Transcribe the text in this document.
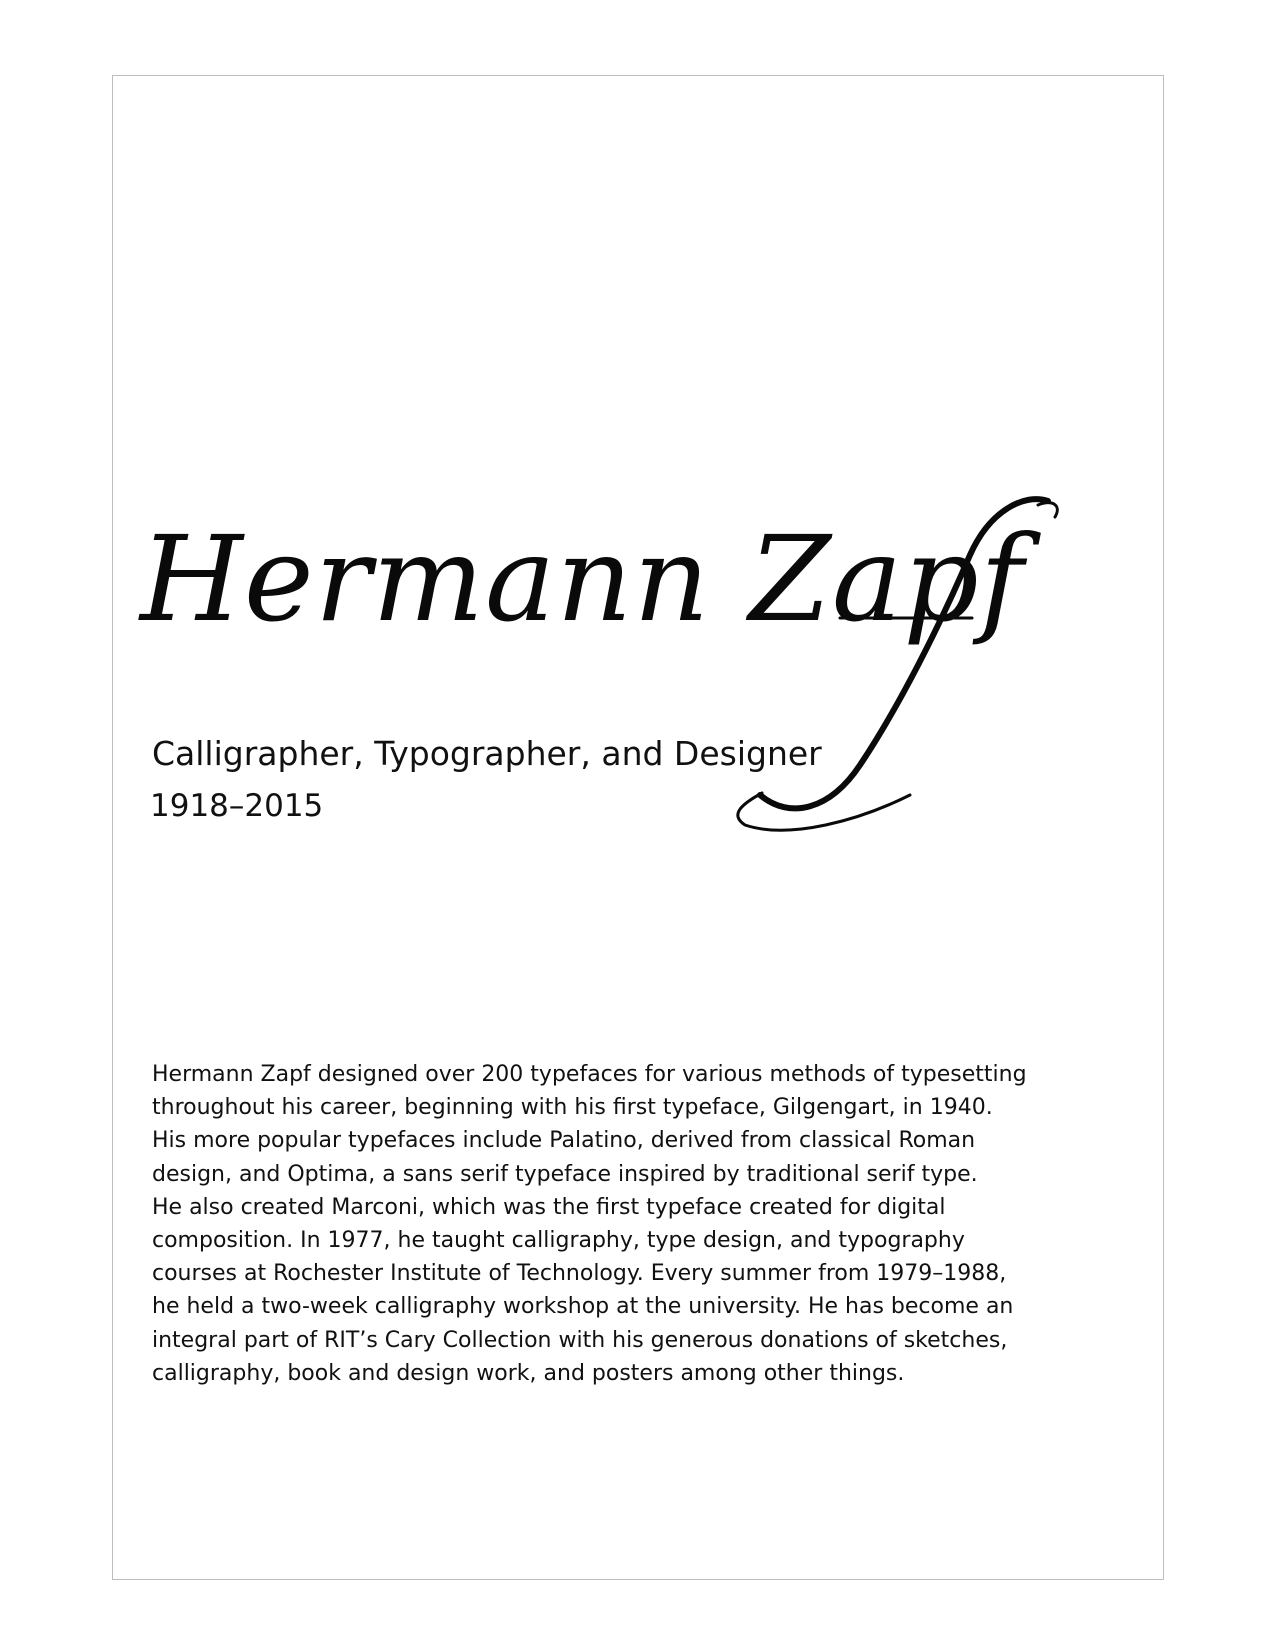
Hermann Zapf

Calligrapher, Typographer, and Designer

1918–2015

Hermann Zapf designed over 200 typefaces for various methods of typesetting
throughout his career, beginning with his first typeface, Gilgengart, in 1940.
His more popular typefaces include Palatino, derived from classical Roman
design, and Optima, a sans serif typeface inspired by traditional serif type.
He also created Marconi, which was the first typeface created for digital
composition. In 1977, he taught calligraphy, type design, and typography
courses at Rochester Institute of Technology. Every summer from 1979–1988,
he held a two-week calligraphy workshop at the university. He has become an
integral part of RIT’s Cary Collection with his generous donations of sketches,
calligraphy, book and design work, and posters among other things.
